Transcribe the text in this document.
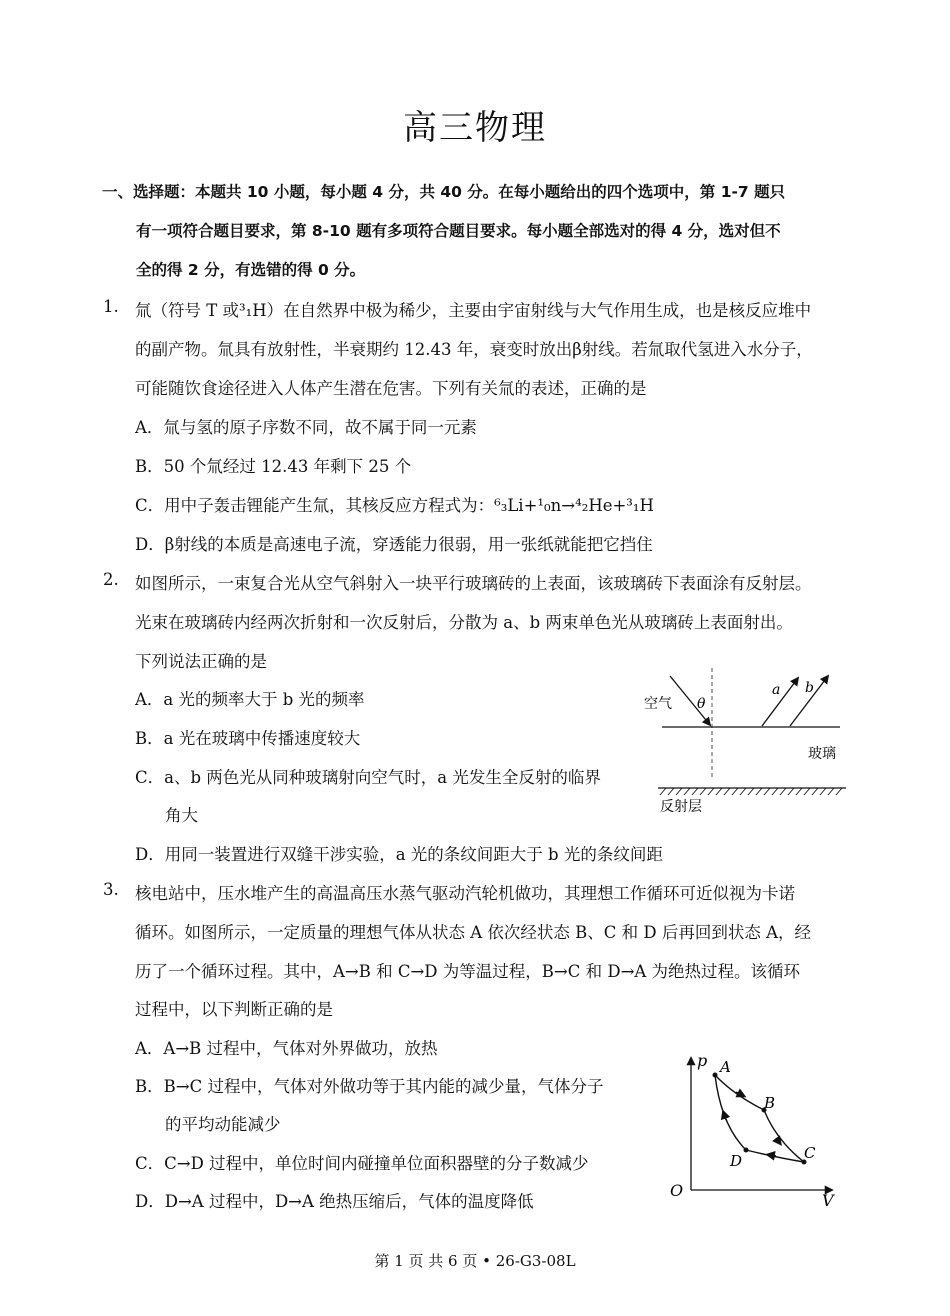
高三物理
一、选择题：本题共 10 小题，每小题 4 分，共 40 分。在每小题给出的四个选项中，第 1-7 题只
有一项符合题目要求，第 8-10 题有多项符合题目要求。每小题全部选对的得 4 分，选对但不
全的得 2 分，有选错的得 0 分。
1. 氚（符号 T 或³₁H）在自然界中极为稀少，主要由宇宙射线与大气作用生成，也是核反应堆中
的副产物。氚具有放射性，半衰期约 12.43 年，衰变时放出β射线。若氚取代氢进入水分子，
可能随饮食途径进入人体产生潜在危害。下列有关氚的表述，正确的是
A．氚与氢的原子序数不同，故不属于同一元素
B．50 个氚经过 12.43 年剩下 25 个
C．用中子轰击锂能产生氚，其核反应方程式为：⁶₃Li+¹₀n→⁴₂He+³₁H
D．β射线的本质是高速电子流，穿透能力很弱，用一张纸就能把它挡住
2. 如图所示，一束复合光从空气斜射入一块平行玻璃砖的上表面，该玻璃砖下表面涂有反射层。
光束在玻璃砖内经两次折射和一次反射后，分散为 a、b 两束单色光从玻璃砖上表面射出。
下列说法正确的是
A．a 光的频率大于 b 光的频率
B．a 光在玻璃中传播速度较大
C．a、b 两色光从同种玻璃射向空气时，a 光发生全反射的临界
角大
D．用同一装置进行双缝干涉实验，a 光的条纹间距大于 b 光的条纹间距
空气 θ
a b
玻璃
反射层
3. 核电站中，压水堆产生的高温高压水蒸气驱动汽轮机做功，其理想工作循环可近似视为卡诺
循环。如图所示，一定质量的理想气体从状态 A 依次经状态 B、C 和 D 后再回到状态 A，经
历了一个循环过程。其中，A→B 和 C→D 为等温过程，B→C 和 D→A 为绝热过程。该循环
过程中，以下判断正确的是
A．A→B 过程中，气体对外界做功，放热
B．B→C 过程中，气体对外做功等于其内能的减少量，气体分子
的平均动能减少
C．C→D 过程中，单位时间内碰撞单位面积器壁的分子数减少
D．D→A 过程中，D→A 绝热压缩后，气体的温度降低
p
V
O
A
B
C
D
第 1 页 共 6 页 • 26-G3-08L
